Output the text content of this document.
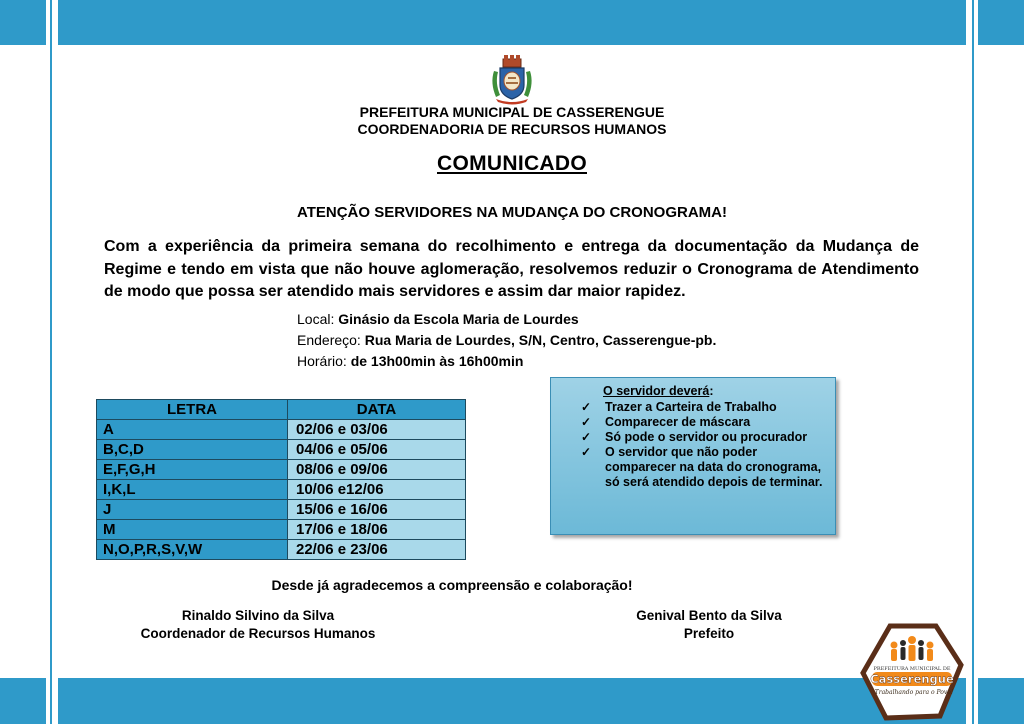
PREFEITURA MUNICIPAL DE CASSERENGUE
COORDENADORIA DE RECURSOS HUMANOS
COMUNICADO
ATENÇÃO SERVIDORES NA MUDANÇA DO CRONOGRAMA!
Com a experiência da primeira semana do recolhimento e entrega da documentação da Mudança de Regime e tendo em vista que não houve aglomeração, resolvemos reduzir o Cronograma de Atendimento de modo que possa ser atendido mais servidores e assim dar maior rapidez.
Local: Ginásio da Escola Maria de Lourdes
Endereço: Rua Maria de Lourdes, S/N, Centro, Casserengue-pb.
Horário: de 13h00min às 16h00min
LETRA	DATA
A	02/06 e 03/06
B,C,D	04/06 e 05/06
E,F,G,H	08/06 e 09/06
I,K,L	10/06 e12/06
J	15/06 e 16/06
M	17/06 e 18/06
N,O,P,R,S,V,W	22/06 e 23/06
O servidor deverá:
✓ Trazer a Carteira de Trabalho
✓ Comparecer de máscara
✓ Só pode o servidor ou procurador
✓ O servidor que não poder comparecer na data do cronograma, só será atendido depois de terminar.
Desde já agradecemos a compreensão e colaboração!
Rinaldo Silvino da Silva
Coordenador de Recursos Humanos
Genival Bento da Silva
Prefeito
PREFEITURA MUNICIPAL DE
Casserengue
Trabalhando para o Povo!
